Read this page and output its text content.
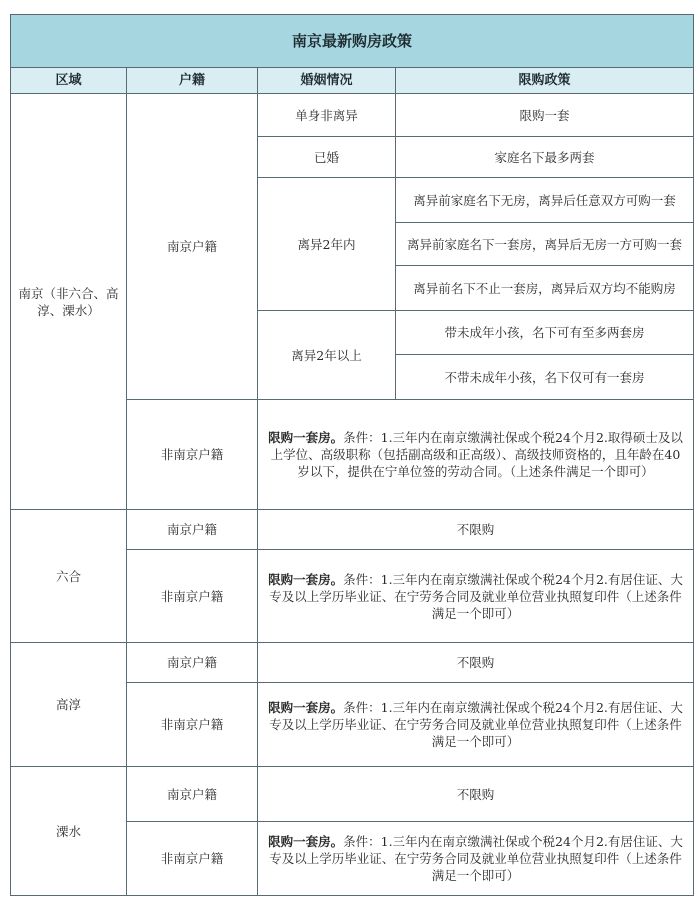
南京最新购房政策			
区域	户籍	婚姻情况	限购政策
南京（非六合、高淳、溧水）	南京户籍	单身非离异	限购一套
		已婚	家庭名下最多两套
		离异2年内	离异前家庭名下无房，离异后任意双方可购一套
			离异前家庭名下一套房，离异后无房一方可购一套
			离异前名下不止一套房，离异后双方均不能购房
		离异2年以上	带未成年小孩，名下可有至多两套房
			不带未成年小孩，名下仅可有一套房
	非南京户籍	限购一套房。条件：1.三年内在南京缴满社保或个税24个月2.取得硕士及以上学位、高级职称（包括副高级和正高级）、高级技师资格的，且年龄在40岁以下，提供在宁单位签的劳动合同。（上述条件满足一个即可）	
六合	南京户籍	不限购	
	非南京户籍	限购一套房。条件：1.三年内在南京缴满社保或个税24个月2.有居住证、大专及以上学历毕业证、在宁劳务合同及就业单位营业执照复印件（上述条件满足一个即可）	
高淳	南京户籍	不限购	
	非南京户籍	限购一套房。条件：1.三年内在南京缴满社保或个税24个月2.有居住证、大专及以上学历毕业证、在宁劳务合同及就业单位营业执照复印件（上述条件满足一个即可）	
溧水	南京户籍	不限购	
	非南京户籍	限购一套房。条件：1.三年内在南京缴满社保或个税24个月2.有居住证、大专及以上学历毕业证、在宁劳务合同及就业单位营业执照复印件（上述条件满足一个即可）	
